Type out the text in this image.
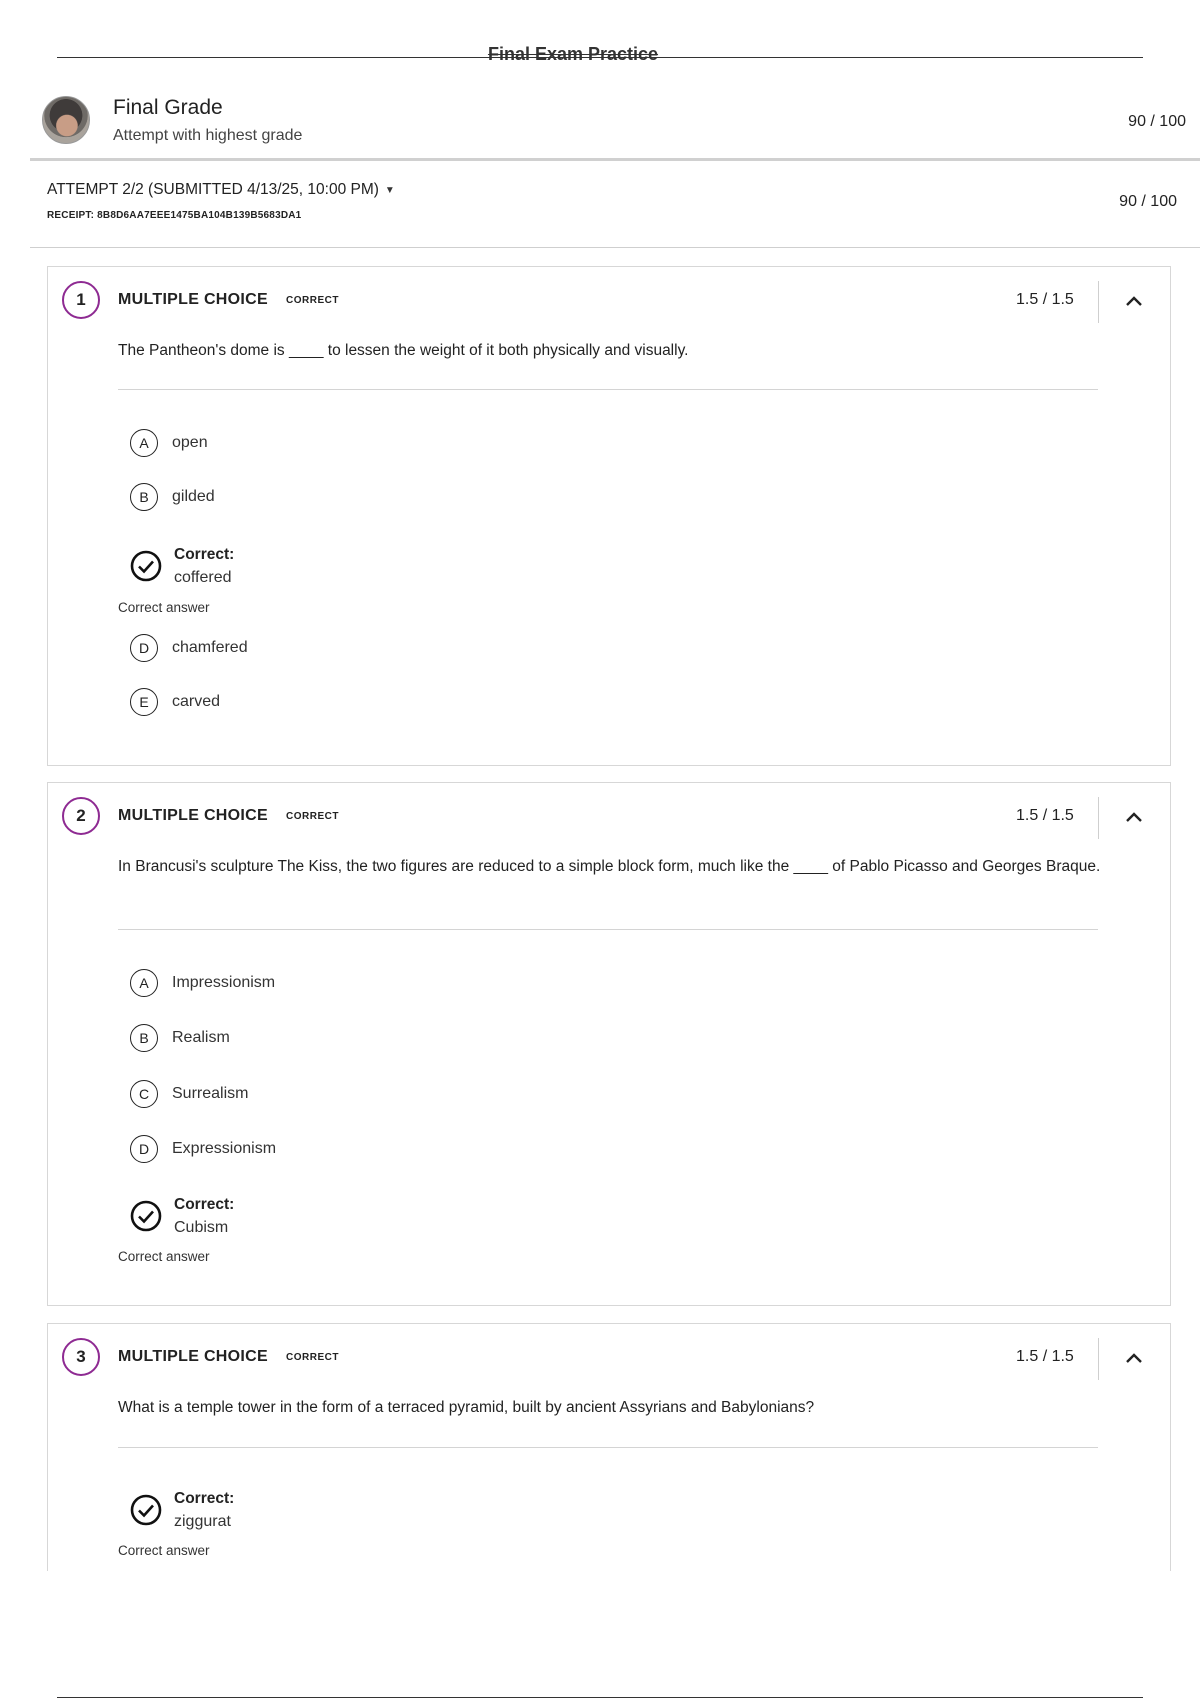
Final Exam Practice
Final Grade
Attempt with highest grade
90 / 100
ATTEMPT 2/2 (SUBMITTED 4/13/25, 10:00 PM) ▼
RECEIPT: 8B8D6AA7EEE1475BA104B139B5683DA1
90 / 100
1	MULTIPLE CHOICE CORRECT	1.5 / 1.5
The Pantheon's dome is ____ to lessen the weight of it both physically and visually.
A	open
B	gilded
Correct:
coffered
Correct answer
D	chamfered
E	carved
2	MULTIPLE CHOICE CORRECT	1.5 / 1.5
In Brancusi's sculpture The Kiss, the two figures are reduced to a simple block form, much like the ____ of Pablo Picasso and Georges Braque.
A	Impressionism
B	Realism
C	Surrealism
D	Expressionism
Correct:
Cubism
Correct answer
3	MULTIPLE CHOICE CORRECT	1.5 / 1.5
What is a temple tower in the form of a terraced pyramid, built by ancient Assyrians and Babylonians?
Correct:
ziggurat
Correct answer
